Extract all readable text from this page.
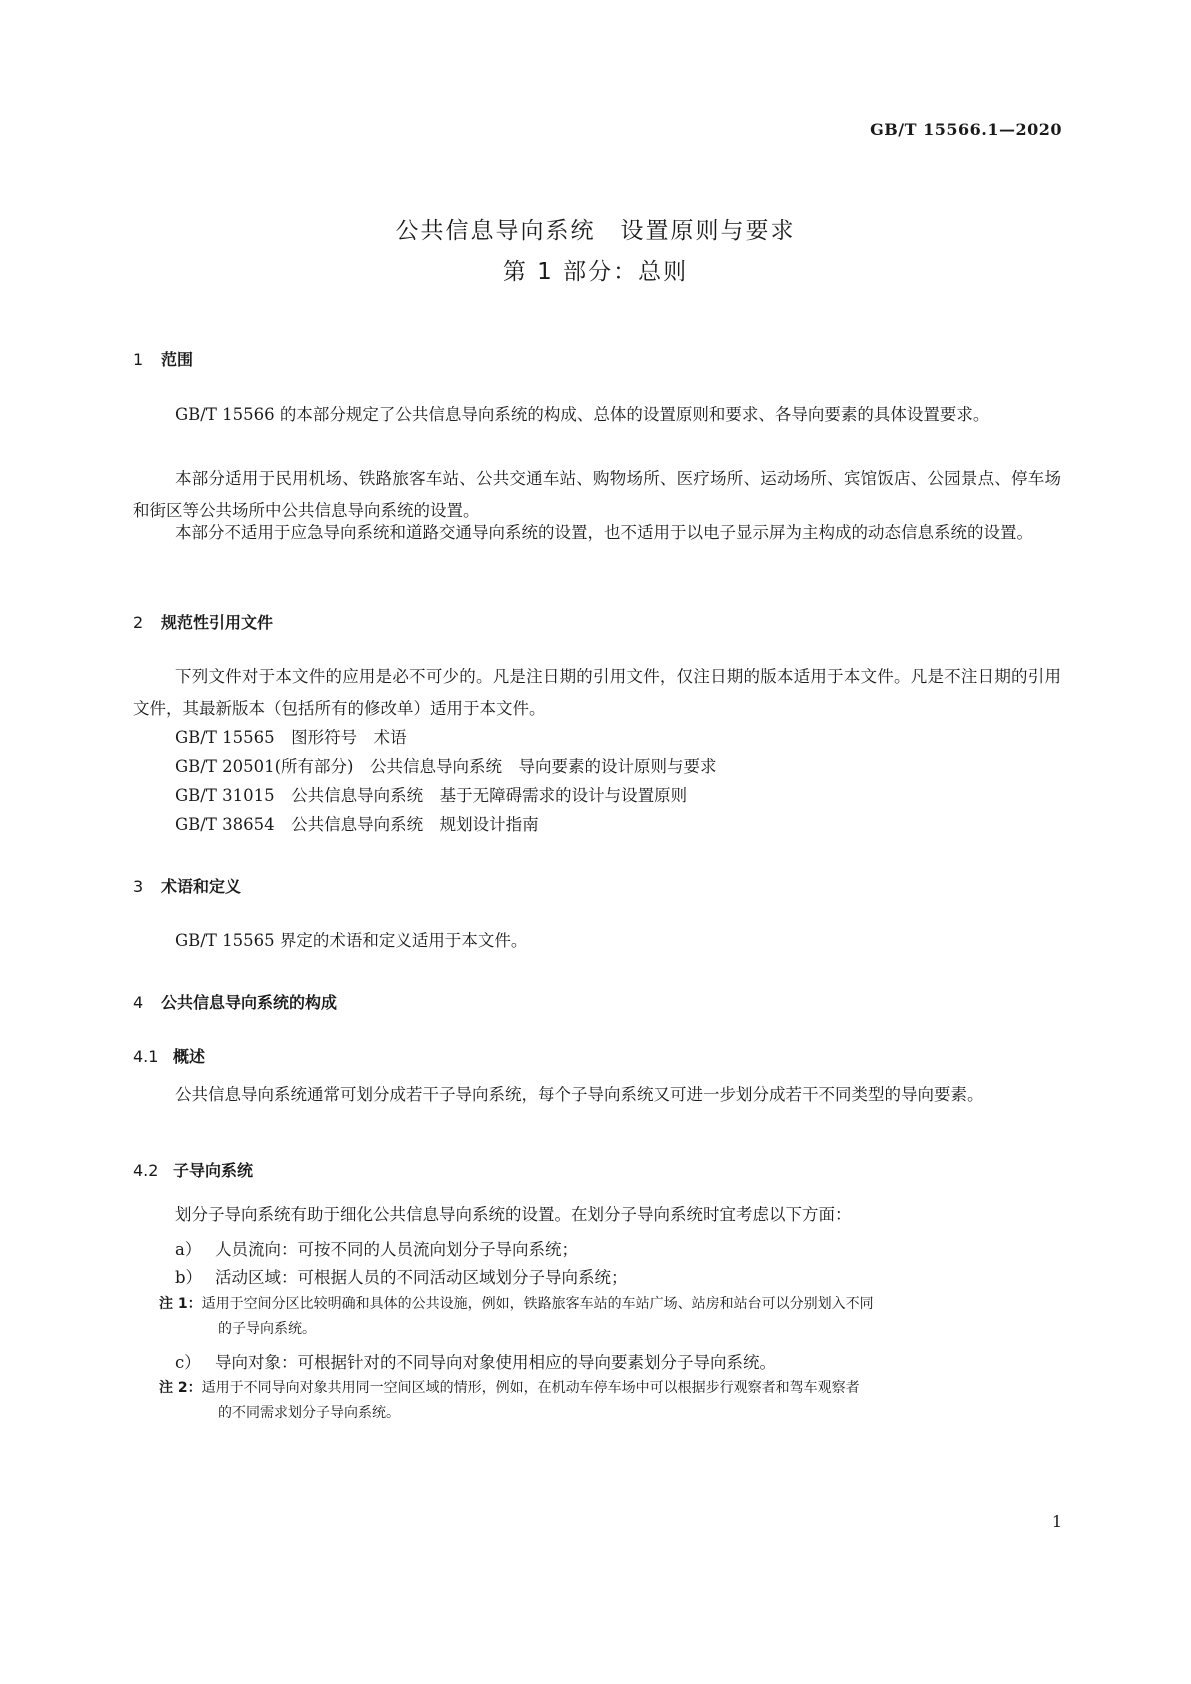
GB/T 15566.1—2020
公共信息导向系统　设置原则与要求
第 1 部分：总则
1 范围
GB/T 15566 的本部分规定了公共信息导向系统的构成、总体的设置原则和要求、各导向要素的具体设置要求。
本部分适用于民用机场、铁路旅客车站、公共交通车站、购物场所、医疗场所、运动场所、宾馆饭店、公园景点、停车场和街区等公共场所中公共信息导向系统的设置。
本部分不适用于应急导向系统和道路交通导向系统的设置，也不适用于以电子显示屏为主构成的动态信息系统的设置。
2 规范性引用文件
下列文件对于本文件的应用是必不可少的。凡是注日期的引用文件，仅注日期的版本适用于本文件。凡是不注日期的引用文件，其最新版本（包括所有的修改单）适用于本文件。
GB/T 15565　图形符号　术语
GB/T 20501(所有部分)　公共信息导向系统　导向要素的设计原则与要求
GB/T 31015　公共信息导向系统　基于无障碍需求的设计与设置原则
GB/T 38654　公共信息导向系统　规划设计指南
3 术语和定义
GB/T 15565 界定的术语和定义适用于本文件。
4 公共信息导向系统的构成
4.1 概述
公共信息导向系统通常可划分成若干子导向系统，每个子导向系统又可进一步划分成若干不同类型的导向要素。
4.2 子导向系统
划分子导向系统有助于细化公共信息导向系统的设置。在划分子导向系统时宜考虑以下方面：
a） 人员流向：可按不同的人员流向划分子导向系统；
b） 活动区域：可根据人员的不同活动区域划分子导向系统；
注 1：适用于空间分区比较明确和具体的公共设施，例如，铁路旅客车站的车站广场、站房和站台可以分别划入不同
的子导向系统。
c） 导向对象：可根据针对的不同导向对象使用相应的导向要素划分子导向系统。
注 2：适用于不同导向对象共用同一空间区域的情形，例如，在机动车停车场中可以根据步行观察者和驾车观察者
的不同需求划分子导向系统。
1
